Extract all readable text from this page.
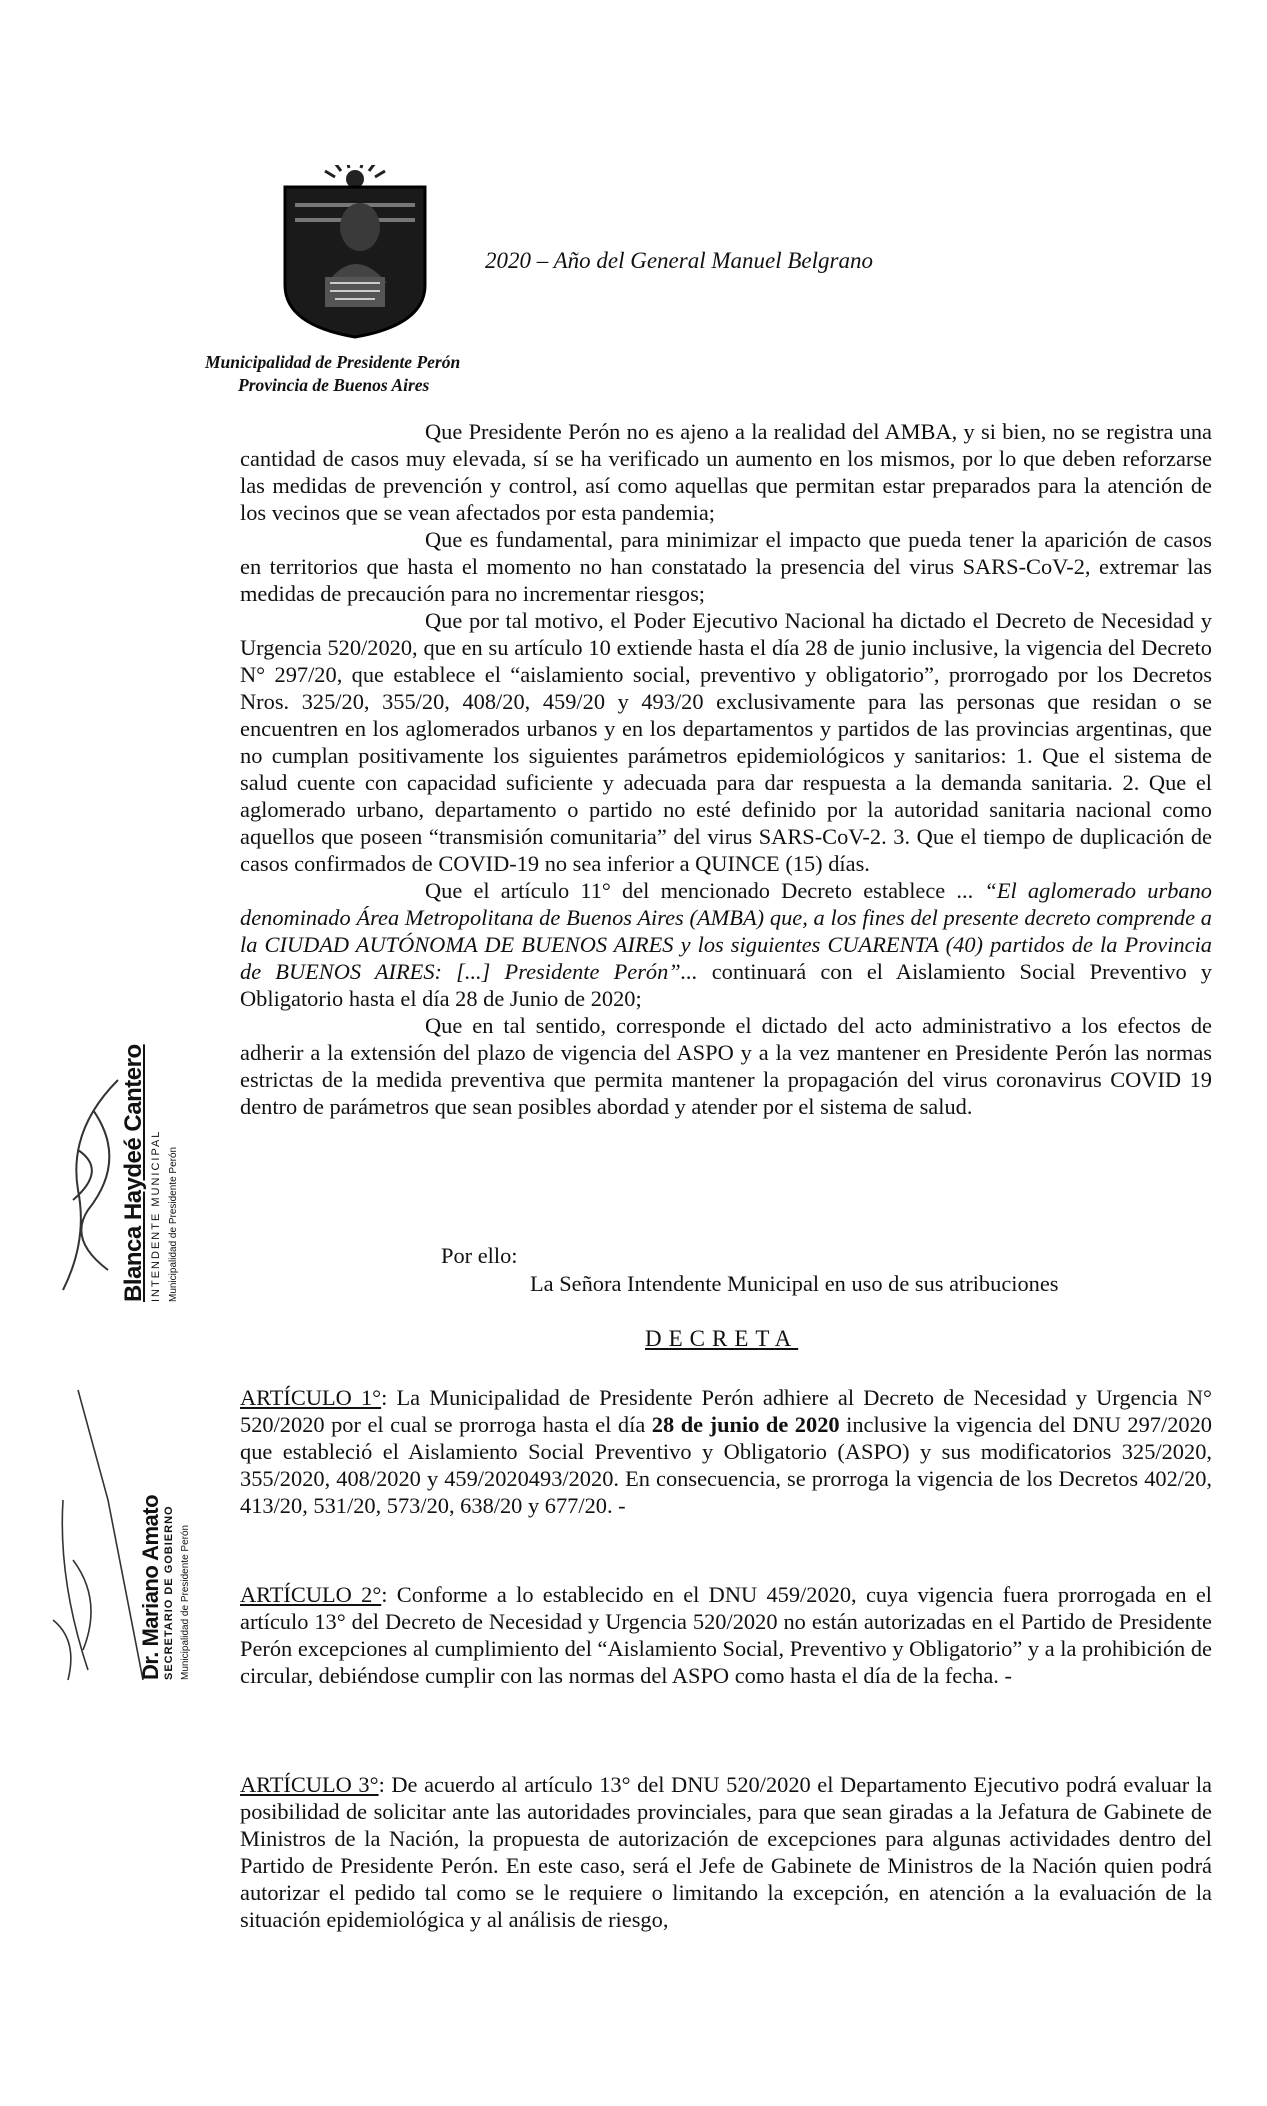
2020 – Año del General Manuel Belgrano
Municipalidad de Presidente Perón
Provincia de Buenos Aires

Que Presidente Perón no es ajeno a la realidad del AMBA, y si bien, no se registra una cantidad de casos muy elevada, sí se ha verificado un aumento en los mismos, por lo que deben reforzarse las medidas de prevención y control, así como aquellas que permitan estar preparados para la atención de los vecinos que se vean afectados por esta pandemia;

Que es fundamental, para minimizar el impacto que pueda tener la aparición de casos en territorios que hasta el momento no han constatado la presencia del virus SARS-CoV-2, extremar las medidas de precaución para no incrementar riesgos;

Que por tal motivo, el Poder Ejecutivo Nacional ha dictado el Decreto de Necesidad y Urgencia 520/2020, que en su artículo 10 extiende hasta el día 28 de junio inclusive, la vigencia del Decreto N° 297/20, que establece el “aislamiento social, preventivo y obligatorio”, prorrogado por los Decretos Nros. 325/20, 355/20, 408/20, 459/20 y 493/20 exclusivamente para las personas que residan o se encuentren en los aglomerados urbanos y en los departamentos y partidos de las provincias argentinas, que no cumplan positivamente los siguientes parámetros epidemiológicos y sanitarios: 1. Que el sistema de salud cuente con capacidad suficiente y adecuada para dar respuesta a la demanda sanitaria. 2. Que el aglomerado urbano, departamento o partido no esté definido por la autoridad sanitaria nacional como aquellos que poseen “transmisión comunitaria” del virus SARS-CoV-2. 3. Que el tiempo de duplicación de casos confirmados de COVID-19 no sea inferior a QUINCE (15) días.

Que el artículo 11° del mencionado Decreto establece ... “El aglomerado urbano denominado Área Metropolitana de Buenos Aires (AMBA) que, a los fines del presente decreto comprende a la CIUDAD AUTÓNOMA DE BUENOS AIRES y los siguientes CUARENTA (40) partidos de la Provincia de BUENOS AIRES: [...] Presidente Perón”... continuará con el Aislamiento Social Preventivo y Obligatorio hasta el día 28 de Junio de 2020;

Que en tal sentido, corresponde el dictado del acto administrativo a los efectos de adherir a la extensión del plazo de vigencia del ASPO y a la vez mantener en Presidente Perón las normas estrictas de la medida preventiva que permita mantener la propagación del virus coronavirus COVID 19 dentro de parámetros que sean posibles abordad y atender por el sistema de salud.

Por ello:
La Señora Intendente Municipal en uso de sus atribuciones
DECRETA
ARTÍCULO 1°: La Municipalidad de Presidente Perón adhiere al Decreto de Necesidad y Urgencia N° 520/2020 por el cual se prorroga hasta el día 28 de junio de 2020 inclusive la vigencia del DNU 297/2020 que estableció el Aislamiento Social Preventivo y Obligatorio (ASPO) y sus modificatorios 325/2020, 355/2020, 408/2020 y 459/2020493/2020. En consecuencia, se prorroga la vigencia de los Decretos 402/20, 413/20, 531/20, 573/20, 638/20 y 677/20. -
ARTÍCULO 2°: Conforme a lo establecido en el DNU 459/2020, cuya vigencia fuera prorrogada en el artículo 13° del Decreto de Necesidad y Urgencia 520/2020 no están autorizadas en el Partido de Presidente Perón excepciones al cumplimiento del “Aislamiento Social, Preventivo y Obligatorio” y a la prohibición de circular, debiéndose cumplir con las normas del ASPO como hasta el día de la fecha. -
ARTÍCULO 3°: De acuerdo al artículo 13° del DNU 520/2020 el Departamento Ejecutivo podrá evaluar la posibilidad de solicitar ante las autoridades provinciales, para que sean giradas a la Jefatura de Gabinete de Ministros de la Nación, la propuesta de autorización de excepciones para algunas actividades dentro del Partido de Presidente Perón. En este caso, será el Jefe de Gabinete de Ministros de la Nación quien podrá autorizar el pedido tal como se le requiere o limitando la excepción, en atención a la evaluación de la situación epidemiológica y al análisis de riesgo,
Blanca Haydeé Cantero INTENDENTE MUNICIPAL Municipalidad de Presidente Perón
Dr. Mariano Amato SECRETARIO DE GOBIERNO Municipalidad de Presidente Perón
